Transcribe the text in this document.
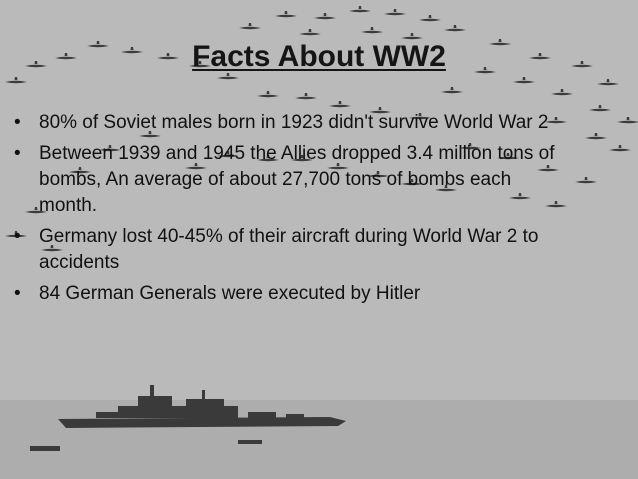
Facts About WW2
• 80% of Soviet males born in 1923 didn't survive World War 2
• Between 1939 and 1945 the Allies dropped 3.4 million tons of bombs, An average of about 27,700 tons of bombs each month.
• Germany lost 40-45% of their aircraft during World War 2 to accidents
• 84 German Generals were executed by Hitler
